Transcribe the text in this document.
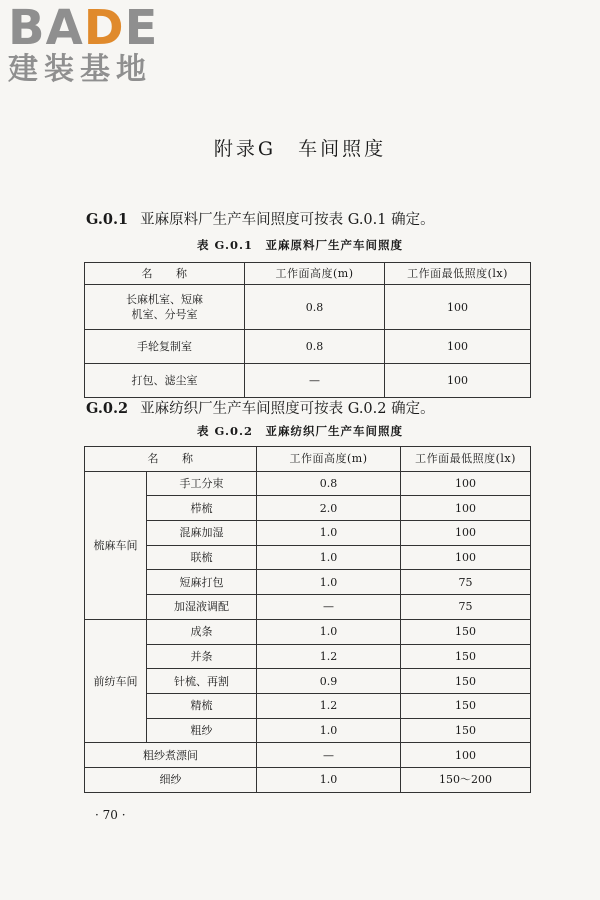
BADE
建装基地
附录G　车间照度
G.0.1 亚麻原料厂生产车间照度可按表 G.0.1 确定。
表 G.0.1　亚麻原料厂生产车间照度
名　　称	工作面高度(m)	工作面最低照度(lx)
长麻机室、短麻
机室、分号室	0.8	100
手轮复制室	0.8	100
打包、滤尘室	—	100
G.0.2 亚麻纺织厂生产车间照度可按表 G.0.2 确定。
表 G.0.2　亚麻纺织厂生产车间照度
名　　称		工作面高度(m)	工作面最低照度(lx)
梳麻车间	手工分束	0.8	100
	栉梳	2.0	100
	混麻加湿	1.0	100
	联梳	1.0	100
	短麻打包	1.0	75
	加湿液调配	—	75
前纺车间	成条	1.0	150
	并条	1.2	150
	针梳、再割	0.9	150
	精梳	1.2	150
	粗纱	1.0	150
粗纱煮漂间		—	100
细纱		1.0	150～200
· 70 ·
